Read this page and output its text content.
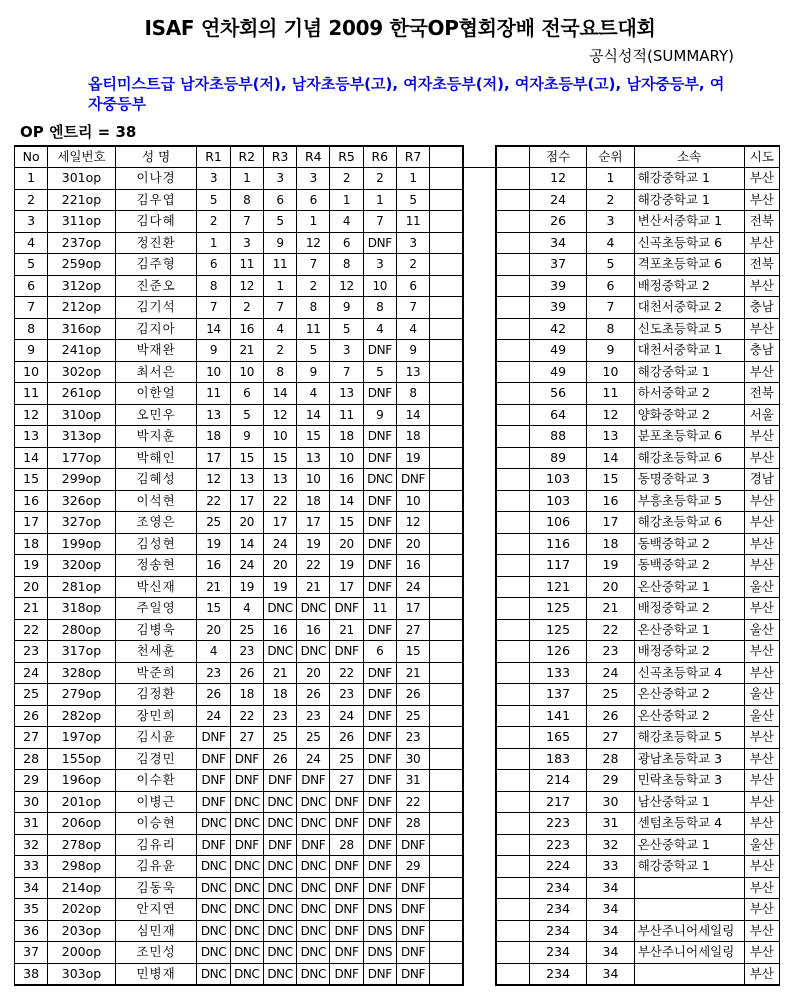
ISAF 연차회의 기념 2009 한국OP협회장배 전국요트대회
공식성적(SUMMARY)
옵티미스트급 남자초등부(저), 남자초등부(고), 여자초등부(저), 여자초등부(고), 남자중등부, 여자중등부
OP 엔트리 = 38
No	세일번호	성 명	R1	R2	R3	R4	R5	R6	R7				점수	순위	소속	시도
1	301op	이나경	3	1	3	3	2	2	1				12	1	해강중학교 1	부산
2	221op	김우엽	5	8	6	6	1	1	5				24	2	해강중학교 1	부산
3	311op	김다혜	2	7	5	1	4	7	11				26	3	변산서중학교 1	전북
4	237op	정진환	1	3	9	12	6	DNF	3				34	4	신곡초등학교 6	부산
5	259op	김주형	6	11	11	7	8	3	2				37	5	격포초등학교 6	전북
6	312op	진준오	8	12	1	2	12	10	6				39	6	배정중학교 2	부산
7	212op	김기석	7	2	7	8	9	8	7				39	7	대천서중학교 2	충남
8	316op	김지아	14	16	4	11	5	4	4				42	8	신도초등학교 5	부산
9	241op	박재완	9	21	2	5	3	DNF	9				49	9	대천서중학교 1	충남
10	302op	최서은	10	10	8	9	7	5	13				49	10	해강중학교 1	부산
11	261op	이한얼	11	6	14	4	13	DNF	8				56	11	하서중학교 2	전북
12	310op	오민우	13	5	12	14	11	9	14				64	12	양화중학교 2	서울
13	313op	박지훈	18	9	10	15	18	DNF	18				88	13	분포초등학교 6	부산
14	177op	박해인	17	15	15	13	10	DNF	19				89	14	해강초등학교 6	부산
15	299op	김혜성	12	13	13	10	16	DNC	DNF				103	15	동명중학교 3	경남
16	326op	이석현	22	17	22	18	14	DNF	10				103	16	부흥초등학교 5	부산
17	327op	조영은	25	20	17	17	15	DNF	12				106	17	해강초등학교 6	부산
18	199op	김성현	19	14	24	19	20	DNF	20				116	18	동백중학교 2	부산
19	320op	정송현	16	24	20	22	19	DNF	16				117	19	동백중학교 2	부산
20	281op	박신재	21	19	19	21	17	DNF	24				121	20	온산중학교 1	울산
21	318op	주일영	15	4	DNC	DNC	DNF	11	17				125	21	배정중학교 2	부산
22	280op	김병욱	20	25	16	16	21	DNF	27				125	22	온산중학교 1	울산
23	317op	천세훈	4	23	DNC	DNC	DNF	6	15				126	23	배정중학교 2	부산
24	328op	박준희	23	26	21	20	22	DNF	21				133	24	신곡초등학교 4	부산
25	279op	김정환	26	18	18	26	23	DNF	26				137	25	온산중학교 2	울산
26	282op	장민희	24	22	23	23	24	DNF	25				141	26	온산중학교 2	울산
27	197op	김시윤	DNF	27	25	25	26	DNF	23				165	27	해강초등학교 5	부산
28	155op	김경민	DNF	DNF	26	24	25	DNF	30				183	28	광남초등학교 3	부산
29	196op	이수환	DNF	DNF	DNF	DNF	27	DNF	31				214	29	민락초등학교 3	부산
30	201op	이병근	DNF	DNC	DNC	DNC	DNF	DNF	22				217	30	남산중학교 1	부산
31	206op	이승현	DNC	DNC	DNC	DNC	DNF	DNF	28				223	31	센텀초등학교 4	부산
32	278op	김유리	DNF	DNF	DNF	DNF	28	DNF	DNF				223	32	온산중학교 1	울산
33	298op	김유윤	DNC	DNC	DNC	DNC	DNF	DNF	29				224	33	해강중학교 1	부산
34	214op	김동욱	DNC	DNC	DNC	DNC	DNF	DNF	DNF				234	34		부산
35	202op	안지연	DNC	DNC	DNC	DNC	DNF	DNS	DNF				234	34		부산
36	203op	심민재	DNC	DNC	DNC	DNC	DNF	DNS	DNF				234	34	부산주니어세일링	부산
37	200op	조민성	DNC	DNC	DNC	DNC	DNF	DNS	DNF				234	34	부산주니어세일링	부산
38	303op	민병재	DNC	DNC	DNC	DNC	DNF	DNF	DNF				234	34		부산
